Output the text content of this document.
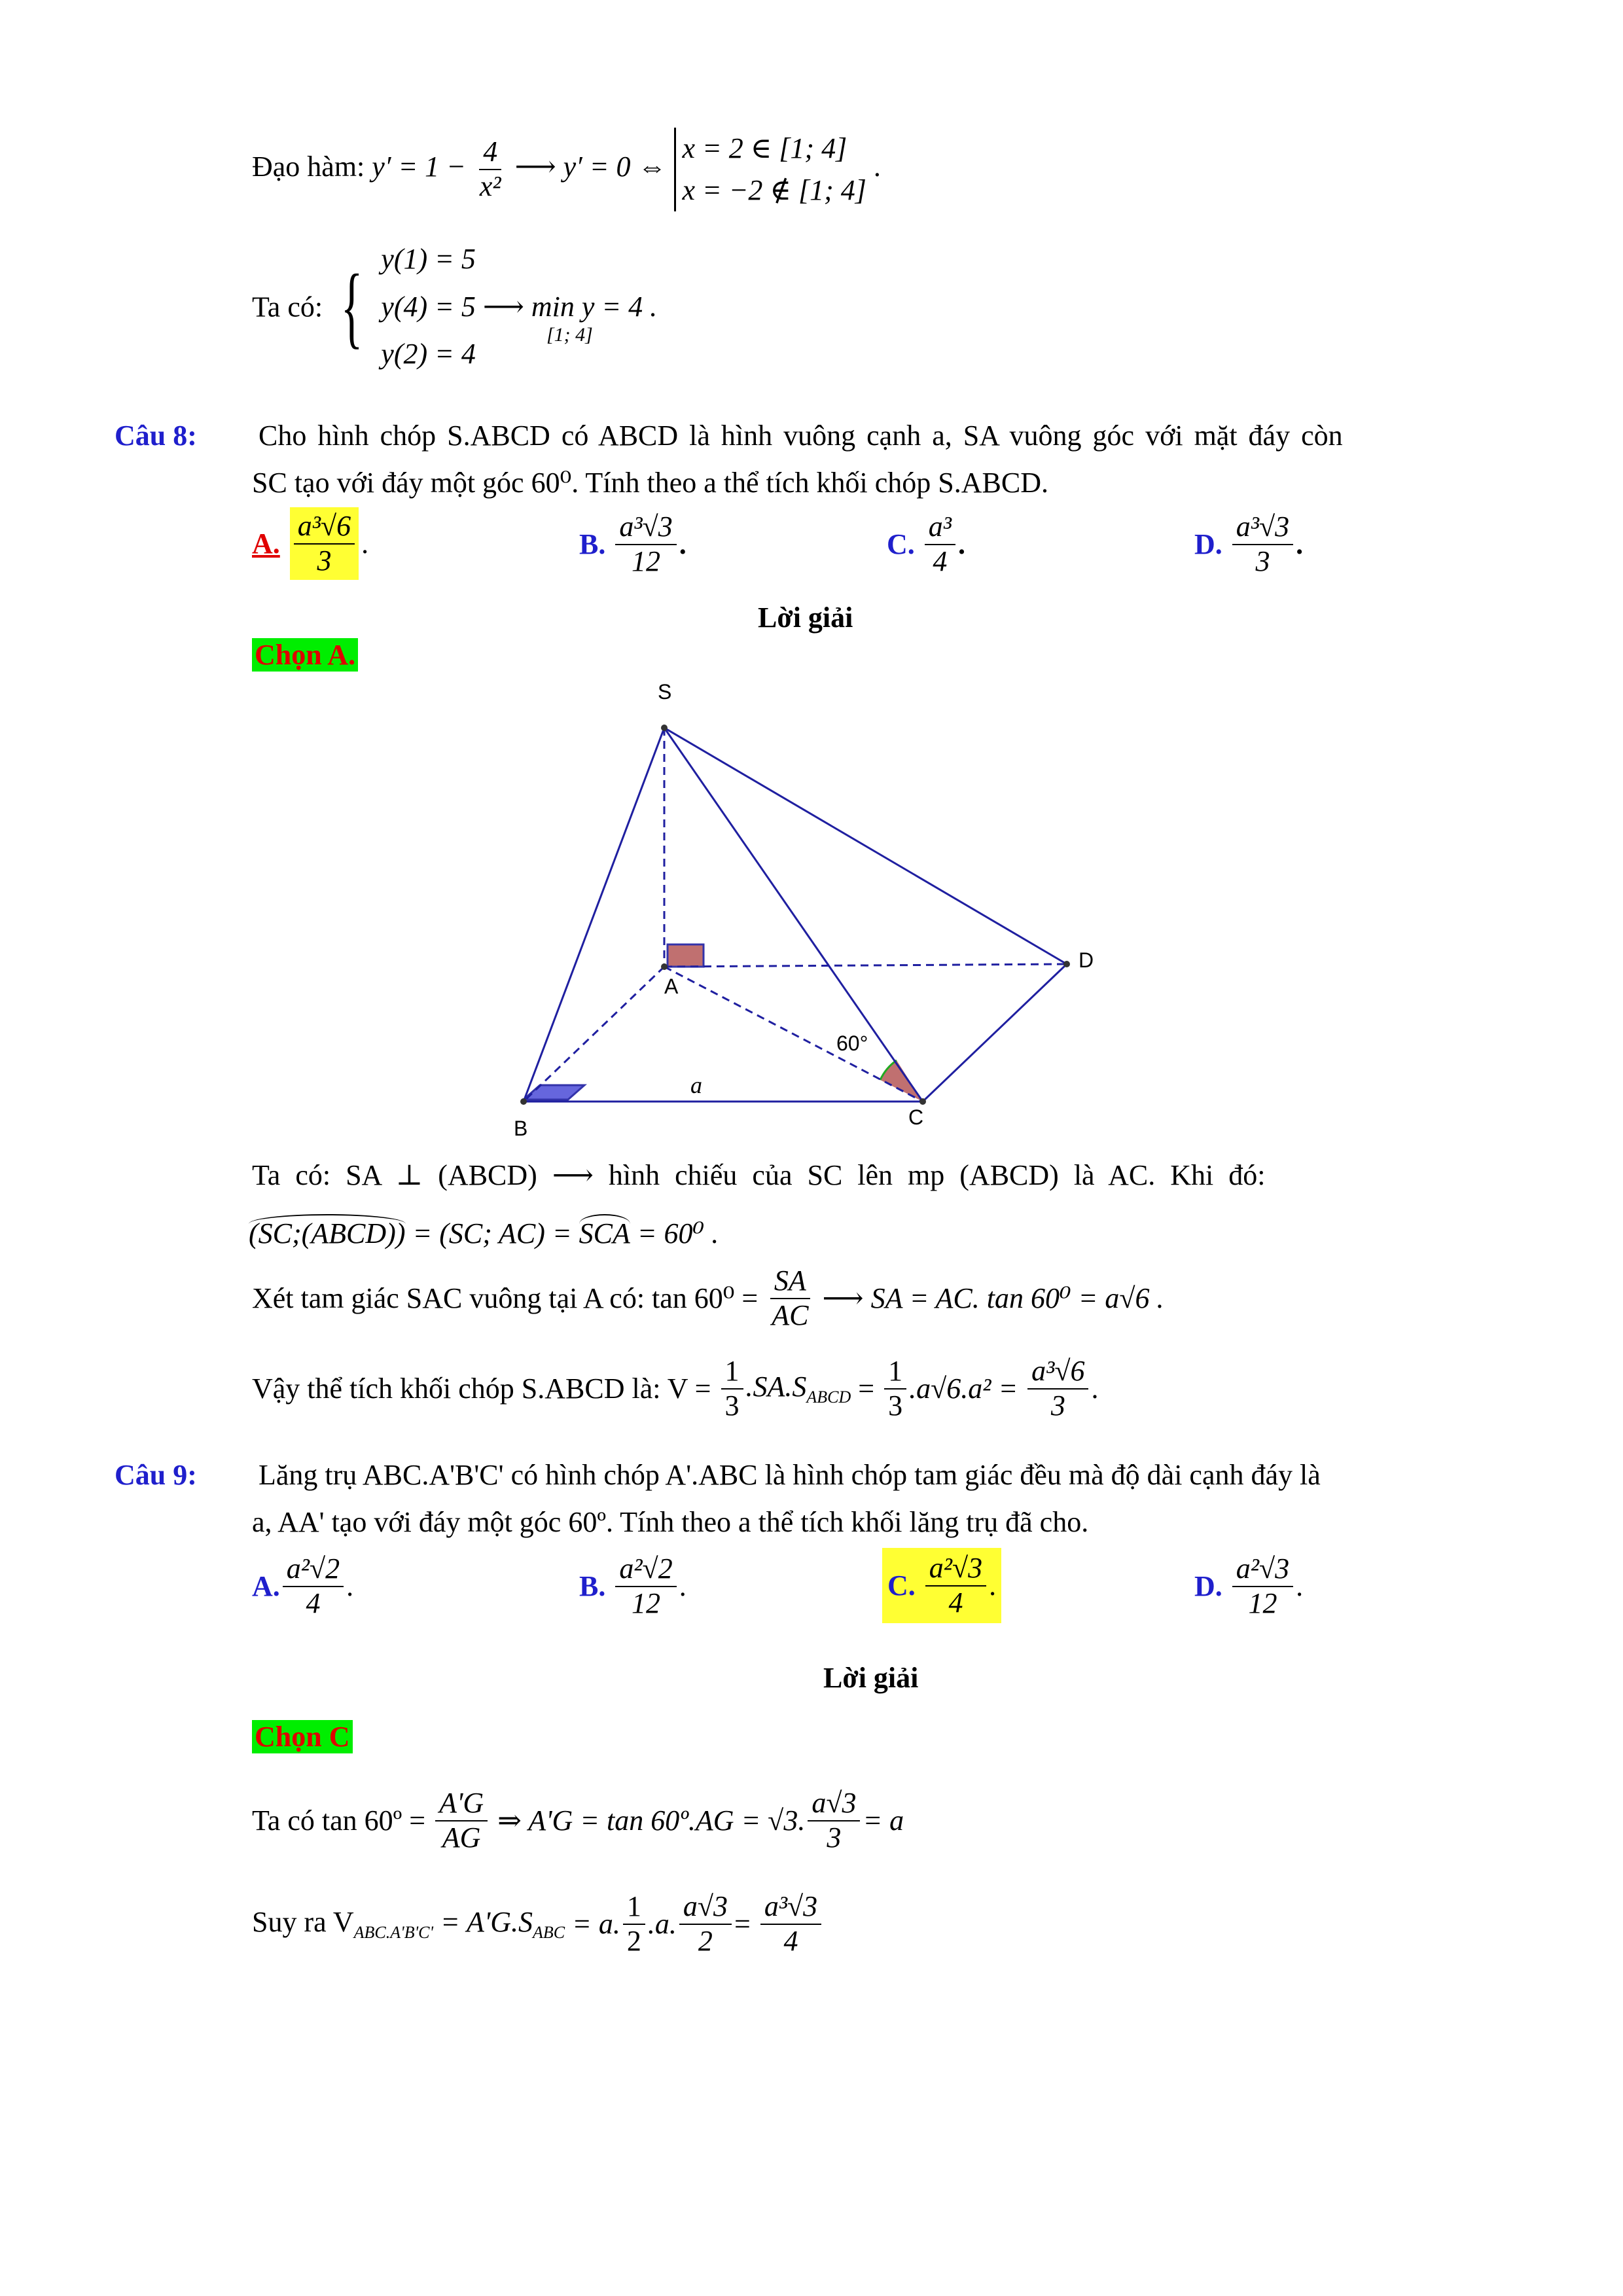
Đạo hàm: $y' = 1 - \frac{4}{\text{x²}}$ ⟶ y′ = 0 ⇔ x = 2 ∈ [1; 4]
x = −2 ∉ [1; 4] .
Ta có: { y(1) = 5
y(4) = 5 ⟶ min y = 4 .
y(2) = 4
[1; 4]
Câu 8: Cho hình chóp S.ABCD có ABCD là hình vuông cạnh a, SA vuông góc với mặt đáy còn
SC tạo với đáy một góc 60⁰. Tính theo a thể tích khối chóp S.ABCD.
A. $\frac{\text{a³√6}}{3}$ .	B. $\frac{\text{a³√3}}{12}$ .	C. $\frac{\text{a³}}{4}$ .	D. $\frac{\text{a³√3}}{3}$ .
Lời giải
Chọn A.
S
A
B	C
D
60°
a
Ta có: SA ⊥ (ABCD) ⟶ hình chiếu của SC lên mp (ABCD) là AC. Khi đó:
(SC;(ABCD)) = (SC; AC) = SCA = 60⁰ .
Xét tam giác SAC vuông tại A có: $\tan 60^0 = \frac{SA}{AC}$ ⟶ SA = AC. tan 60⁰ = a√6 .
Vậy thể tích khối chóp S.ABCD là: $V = \frac{1}{3} .SA.S_{ABCD} = \frac{1}{3} .a√6.a^2 = \frac{\text{a³√6}}{3}$ .
Câu 9: Lăng trụ ABC.A'B'C' có hình chóp A'.ABC là hình chóp tam giác đều mà độ dài cạnh đáy là
a, AA' tạo với đáy một góc 60º. Tính theo a thể tích khối lăng trụ đã cho.
A. $\frac{\text{a²√2}}{4}$ .	B. $\frac{\text{a²√2}}{12}$ .	C. $\frac{\text{a²√3}}{4}$ .	D. $\frac{\text{a²√3}}{12}$ .
Lời giải
Chọn C
Ta có tan 60º = $\frac{A'G}{AG}$ ⇒ A'G = tan 60º.AG = √3. $\frac{a√3}{3} = a$
Suy ra $V_{ABC.A'B'C'} = A'G.S_{ABC} = a$. $\frac{1}{2} .a$. $\frac{a√3}{2} = \frac{\text{a³√3}}{4}$
